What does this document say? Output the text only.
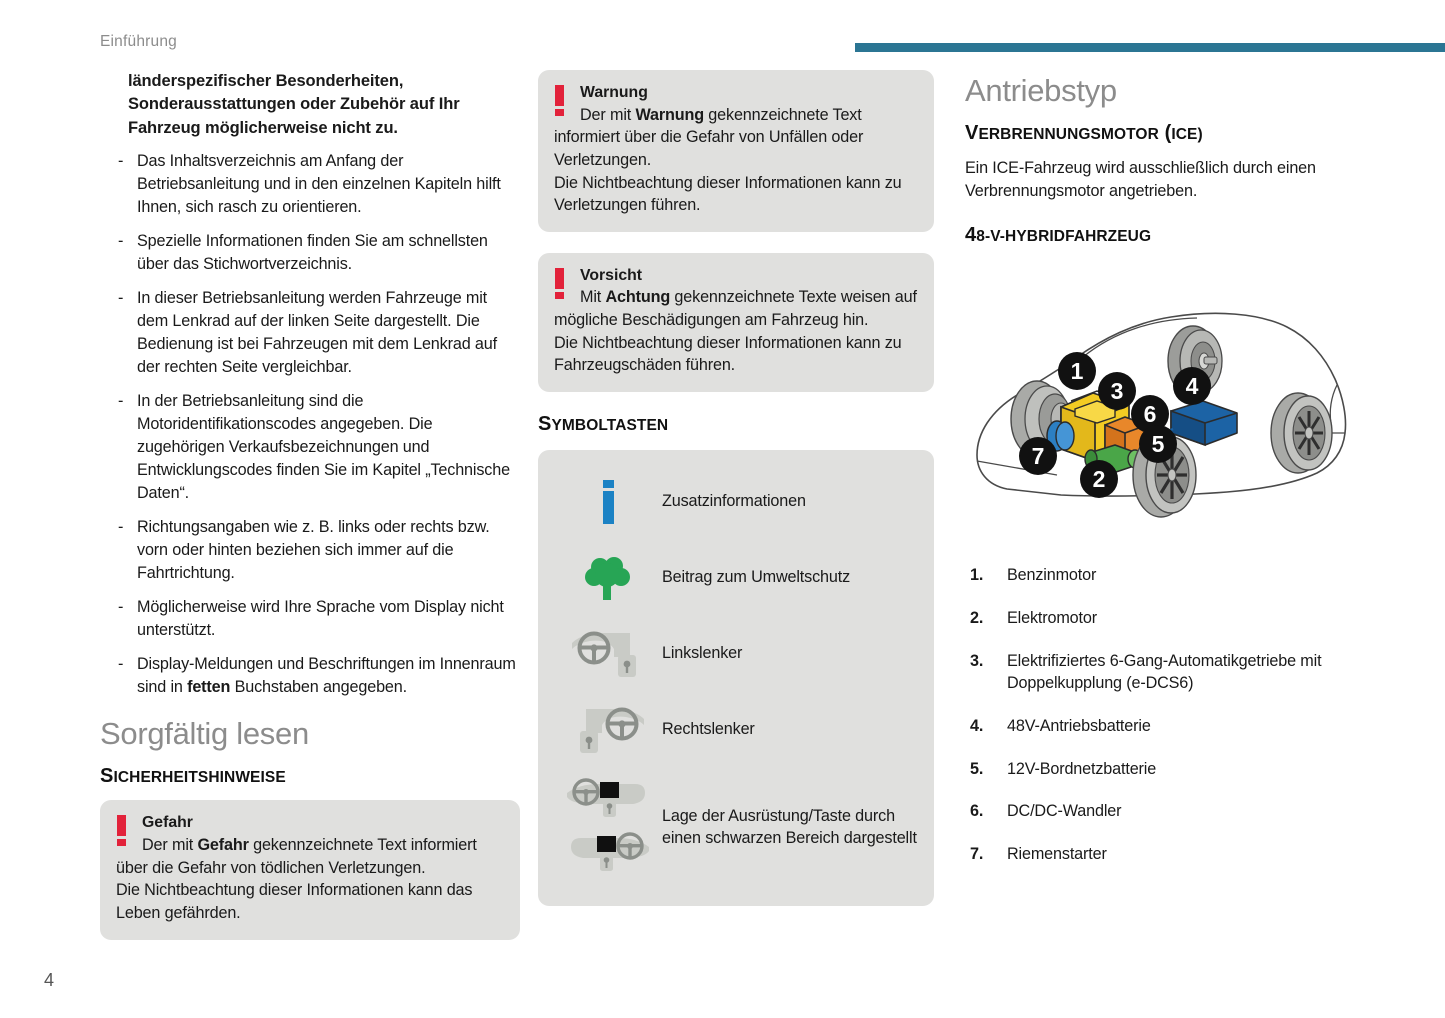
Einführung

länderspezifischer Besonderheiten, Sonderausstattungen oder Zubehör auf Ihr Fahrzeug möglicherweise nicht zu.

- Das Inhaltsverzeichnis am Anfang der Betriebsanleitung und in den einzelnen Kapiteln hilft Ihnen, sich rasch zu orientieren.
- Spezielle Informationen finden Sie am schnellsten über das Stichwortverzeichnis.
- In dieser Betriebsanleitung werden Fahrzeuge mit dem Lenkrad auf der linken Seite dargestellt. Die Bedienung ist bei Fahrzeugen mit dem Lenkrad auf der rechten Seite vergleichbar.
- In der Betriebsanleitung sind die Motoridentifikationscodes angegeben. Die zugehörigen Verkaufsbezeichnungen und Entwicklungscodes finden Sie im Kapitel „Technische Daten“.
- Richtungsangaben wie z. B. links oder rechts bzw. vorn oder hinten beziehen sich immer auf die Fahrtrichtung.
- Möglicherweise wird Ihre Sprache vom Display nicht unterstützt.
- Display-Meldungen und Beschriftungen im Innenraum sind in fetten Buchstaben angegeben.
Sorgfältig lesen
SICHERHEITSHINWEISE
Gefahr

Der mit Gefahr gekennzeichnete Text informiert über die Gefahr von tödlichen Verletzungen.
Die Nichtbeachtung dieser Informationen kann das Leben gefährden.

Warnung

Der mit Warnung gekennzeichnete Text informiert über die Gefahr von Unfällen oder Verletzungen.
Die Nichtbeachtung dieser Informationen kann zu Verletzungen führen.

Vorsicht

Mit Achtung gekennzeichnete Texte weisen auf mögliche Beschädigungen am Fahrzeug hin.
Die Nichtbeachtung dieser Informationen kann zu Fahrzeugschäden führen.

SYMBOLTASTEN
Zusatzinformationen
Beitrag zum Umweltschutz
Linkslenker
Rechtslenker
Lage der Ausrüstung/Taste durch einen schwarzen Bereich dargestellt
Antriebstyp
VERBRENNUNGSMOTOR (ICE)

Ein ICE-Fahrzeug wird ausschließlich durch einen Verbrennungsmotor angetrieben.

48-V-HYBRIDFAHRZEUG
1
3
6
4
5
7
2
1. Benzinmotor
2. Elektromotor
3. Elektrifiziertes 6-Gang-Automatikgetriebe mit Doppelkupplung (e-DCS6)
4. 48V-Antriebsbatterie
5. 12V-Bordnetzbatterie
6. DC/DC-Wandler
7. Riemenstarter
4
